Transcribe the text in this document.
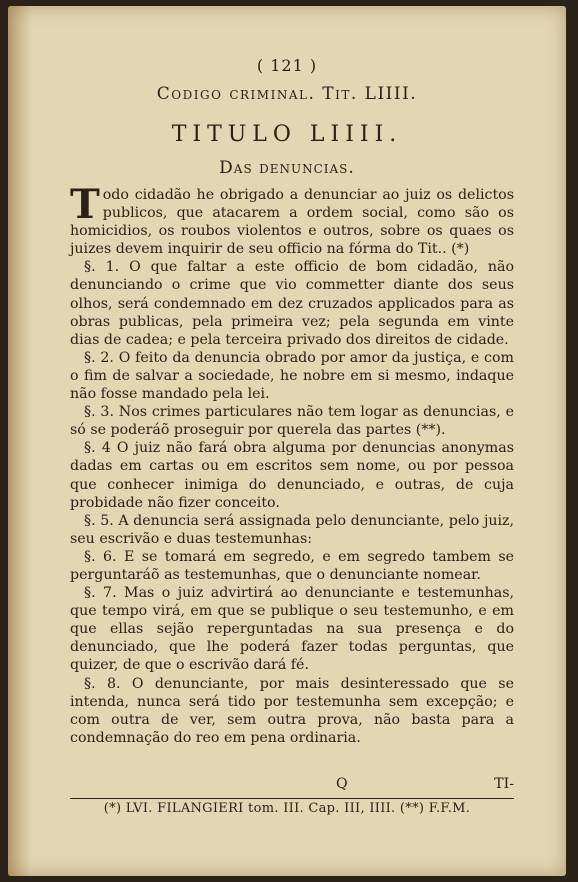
( 121 )
Codigo criminal. Tit. LIIII.
TITULO LIIII.
Das denuncias.

Todo cidadão he obrigado a denunciar ao juiz os delictos publicos, que atacarem a ordem social, como são os homicidios, os roubos violentos e outros, sobre os quaes os juizes devem inquirir de seu officio na fórma do Tit.. (*)

§. 1. O que faltar a este officio de bom cidadão, não denunciando o crime que vio commetter diante dos seus olhos, será condemnado em dez cruzados applicados para as obras publicas, pela primeira vez; pela segunda em vinte dias de cadea; e pela terceira privado dos direitos de cidade.

§. 2. O feito da denuncia obrado por amor da justiça, e com o fim de salvar a sociedade, he nobre em si mesmo, indaque não fosse mandado pela lei.

§. 3. Nos crimes particulares não tem logar as denuncias, e só se poderáõ proseguir por querela das partes (**).

§. 4 O juiz não fará obra alguma por denuncias anonymas dadas em cartas ou em escritos sem nome, ou por pessoa que conhecer inimiga do denunciado, e outras, de cuja probidade não fizer conceito.

§. 5. A denuncia será assignada pelo denunciante, pelo juiz, seu escrivão e duas testemunhas:

§. 6. E se tomará em segredo, e em segredo tambem se perguntaráõ as testemunhas, que o denunciante nomear.

§. 7. Mas o juiz advirtirá ao denunciante e testemunhas, que tempo virá, em que se publique o seu testemunho, e em que ellas sejão reperguntadas na sua presença e do denunciado, que lhe poderá fazer todas perguntas, que quizer, de que o escrivão dará fé.

§. 8. O denunciante, por mais desinteressado que se intenda, nunca será tido por testemunha sem excepção; e com outra de ver, sem outra prova, não basta para a condemnação do reo em pena ordinaria.

Q	TI-
(*) LVI. FILANGIERI tom. III. Cap. III, IIII. (**) F.F.M.
